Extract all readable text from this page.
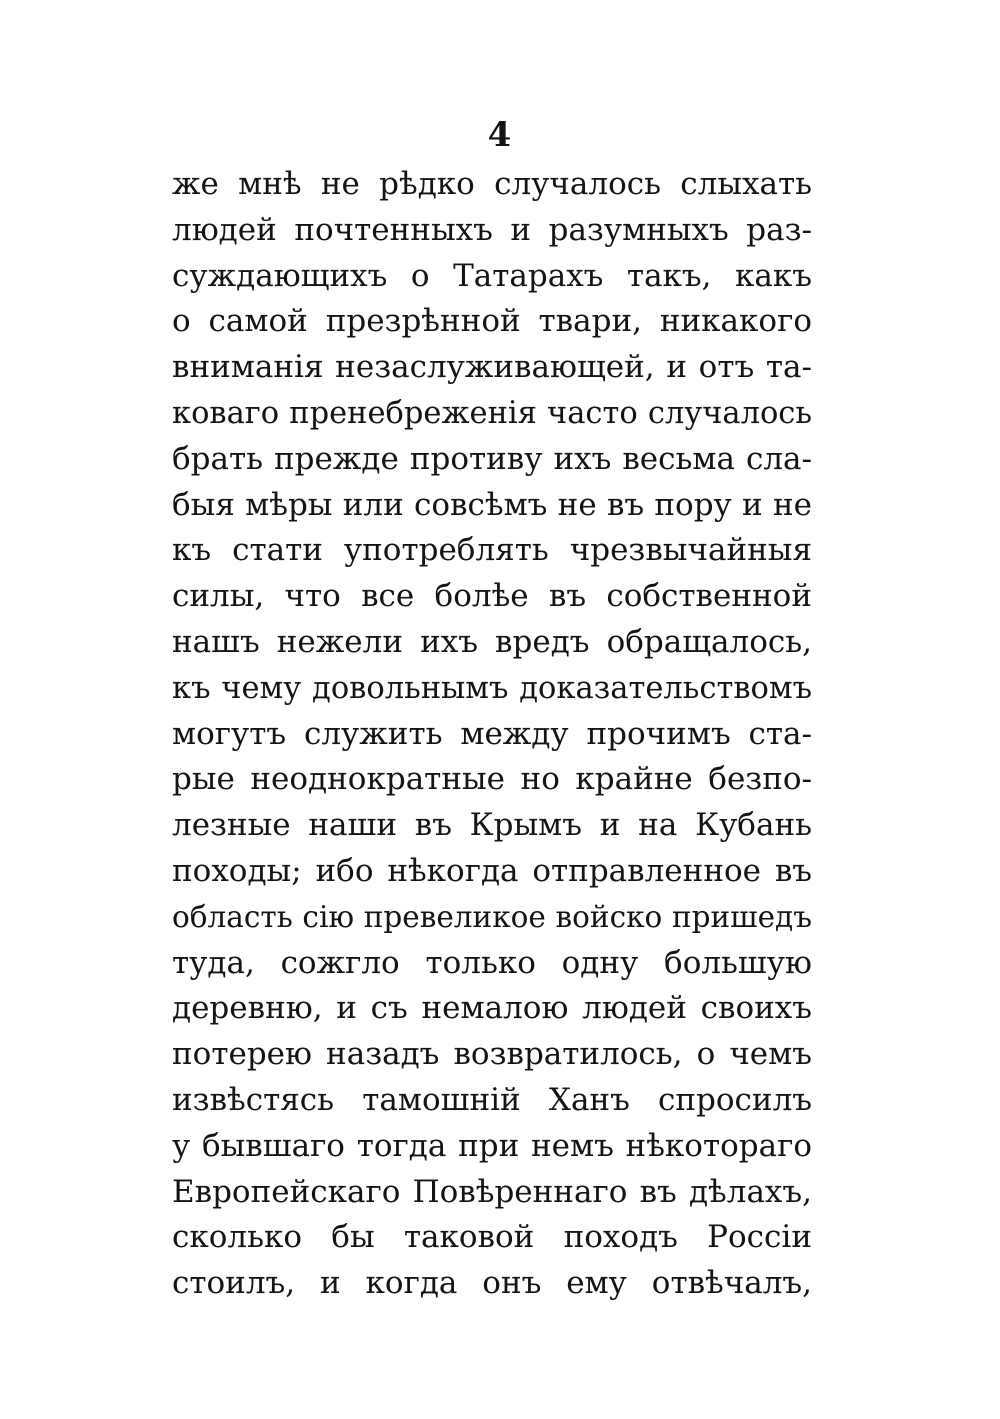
4
же мнѣ не рѣдко случалось слыхать
людей почтенныхъ и разумныхъ раз-
суждающихъ о Татарахъ такъ, какъ
о самой презрѣнной твари, никакого
вниманія незаслуживающей, и отъ та-
коваго пренебреженія часто случалось
брать прежде противу ихъ весьма сла-
быя мѣры или совсѣмъ не въ пору и не
къ стати употреблять чрезвычайныя
силы, что все болѣе въ собственной
нашъ нежели ихъ вредъ обращалось,
къ чему довольнымъ доказательствомъ
могутъ служить между прочимъ ста-
рые неоднократные но крайне безпо-
лезные наши въ Крымъ и на Кубань
походы; ибо нѣкогда отправленное въ
область сію превеликое войско пришедъ
туда, сожгло только одну большую
деревню, и съ немалою людей своихъ
потерею назадъ возвратилось, о чемъ
извѣстясь тамошній Ханъ спросилъ
у бывшаго тогда при немъ нѣкотораго
Европейскаго Повѣреннаго въ дѣлахъ,
сколько бы таковой походъ Россіи
стоилъ, и когда онъ ему отвѣчалъ,
